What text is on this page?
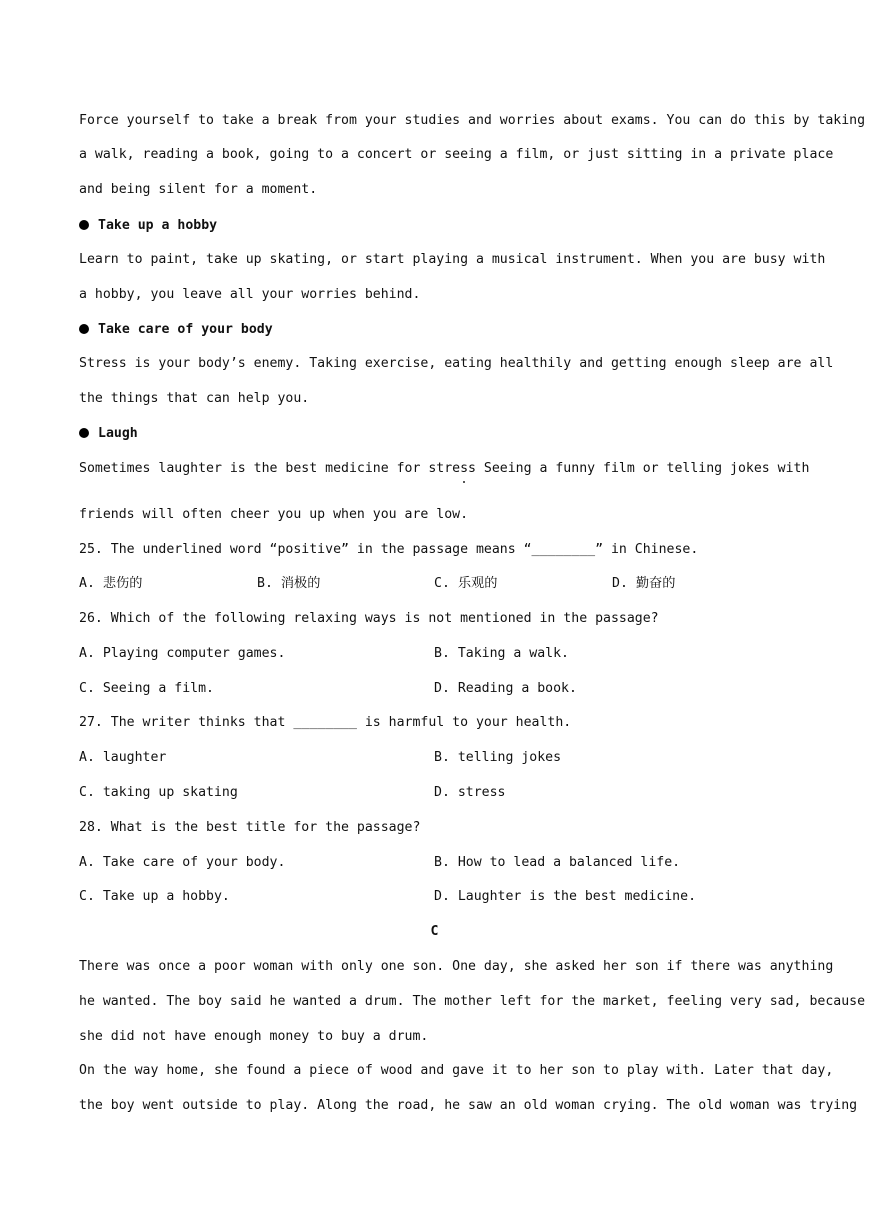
Force yourself to take a break from your studies and worries about exams. You can do this by taking
a walk, reading a book, going to a concert or seeing a film, or just sitting in a private place
and being silent for a moment.
Take up a hobby
Learn to paint, take up skating, or start playing a musical instrument. When you are busy with
a hobby, you leave all your worries behind.
Take care of your body
Stress is your body’s enemy. Taking exercise, eating healthily and getting enough sleep are all
the things that can help you.
Laugh
Sometimes laughter is the best medicine for stress Seeing a funny film or telling jokes with
friends will often cheer you up when you are low.
25. The underlined word “positive” in the passage means “________” in Chinese.
A. 悲伤的	B. 消极的	C. 乐观的	D. 勤奋的
26. Which of the following relaxing ways is not mentioned in the passage?
A. Playing computer games.	B. Taking a walk.
C. Seeing a film.	D. Reading a book.
27. The writer thinks that ________ is harmful to your health.
A. laughter	B. telling jokes
C. taking up skating	D. stress
28. What is the best title for the passage?
A. Take care of your body.	B. How to lead a balanced life.
C. Take up a hobby.	D. Laughter is the best medicine.
C
There was once a poor woman with only one son. One day, she asked her son if there was anything
he wanted. The boy said he wanted a drum. The mother left for the market, feeling very sad, because
she did not have enough money to buy a drum.
On the way home, she found a piece of wood and gave it to her son to play with. Later that day,
the boy went outside to play. Along the road, he saw an old woman crying. The old woman was trying
